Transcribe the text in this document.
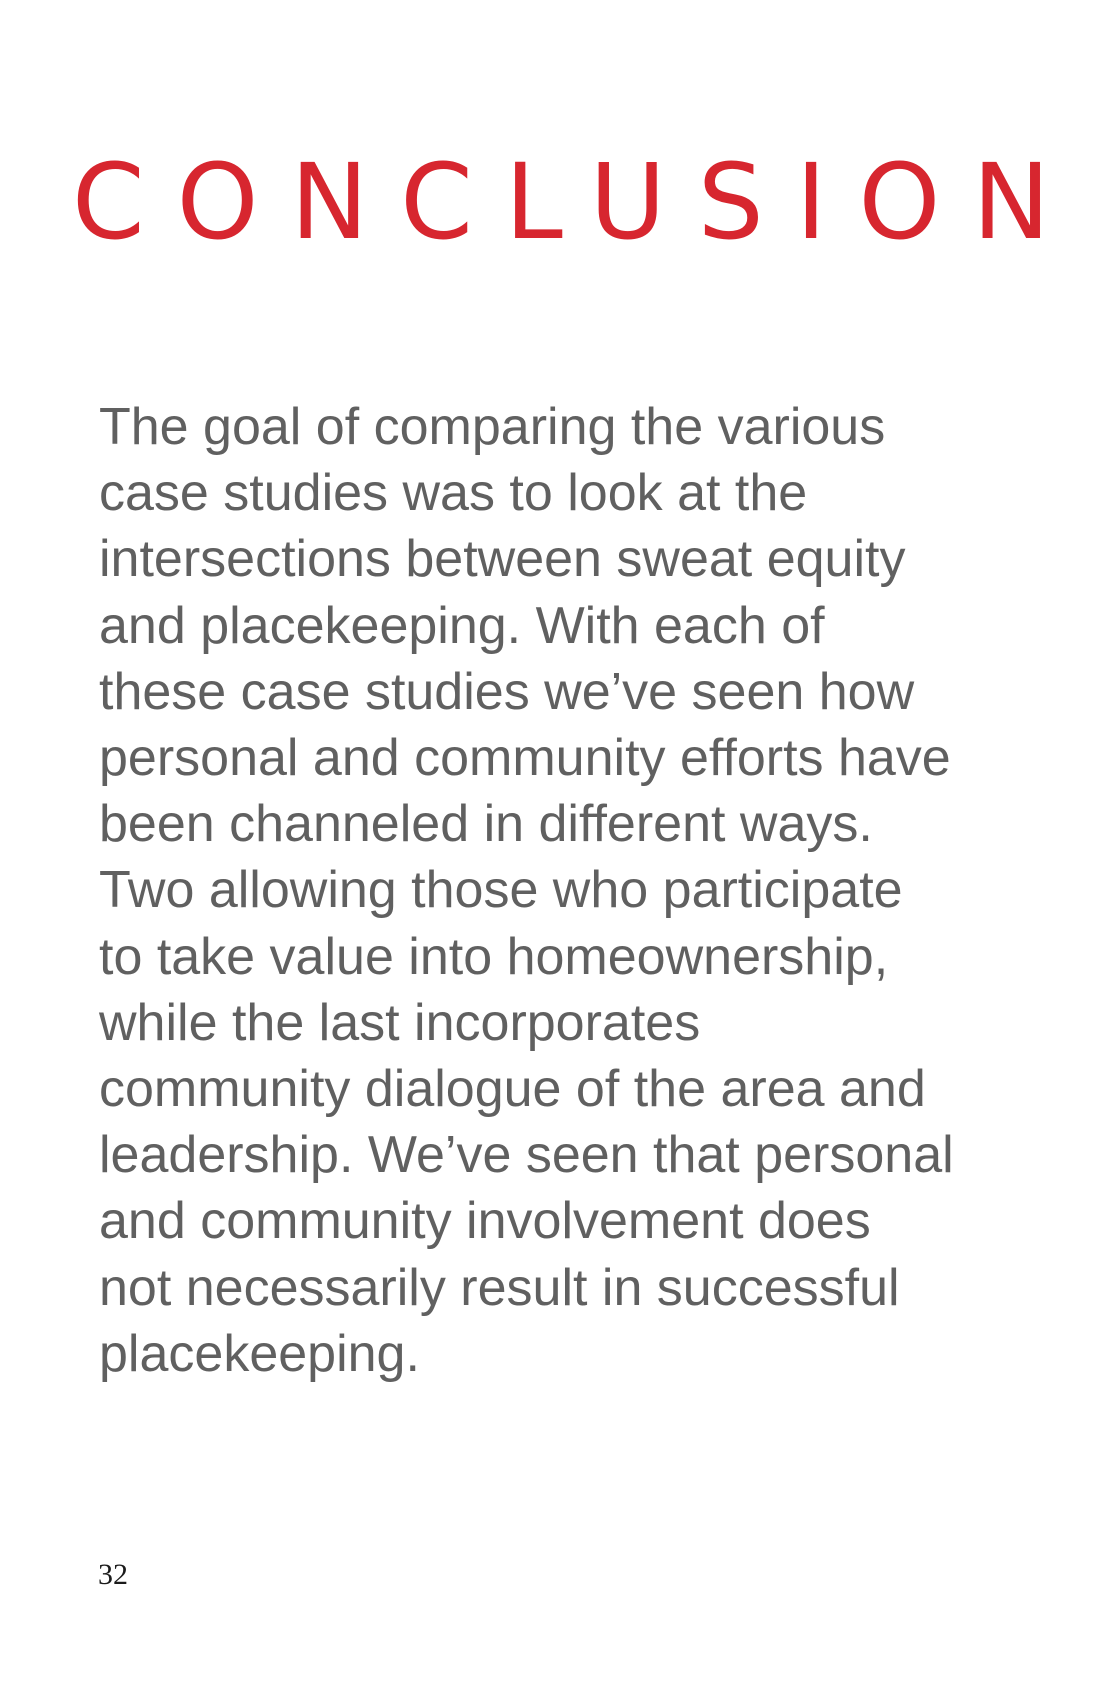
CONCLUSION
The goal of comparing the various
case studies was to look at the
intersections between sweat equity
and placekeeping. With each of
these case studies we’ve seen how
personal and community efforts have
been channeled in different ways.
Two allowing those who participate
to take value into homeownership,
while the last incorporates
community dialogue of the area and
leadership. We’ve seen that personal
and community involvement does
not necessarily result in successful
placekeeping.
32
